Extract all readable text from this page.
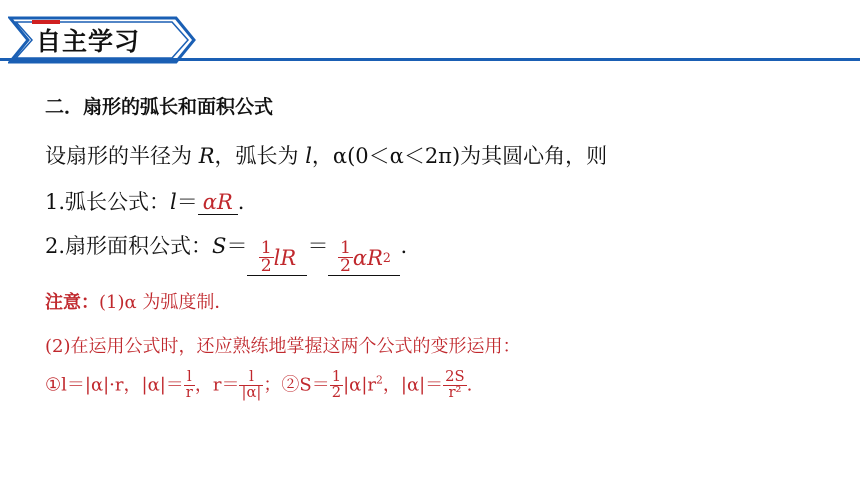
自主学习
二．扇形的弧长和面积公式
设扇形的半径为 R，弧长为 l，α(0＜α＜2π)为其圆心角，则
1.弧长公式：l＝ αR .
2.扇形面积公式：$S= \frac{1}{2}$ lR ＝ $\frac{1}{2}$ αR 2 .
注意：(1)α 为弧度制．
(2)在运用公式时，还应熟练地掌握这两个公式的变形运用：
①l＝|α|·r，$|\alpha|= \frac{l}{r}$ ，$r= \frac{l}{|\alpha|}$ ；②S＝ $\frac{1}{2} |\alpha|r^2$，$|\alpha|= \frac{2S}{\text{r²}}$ .
